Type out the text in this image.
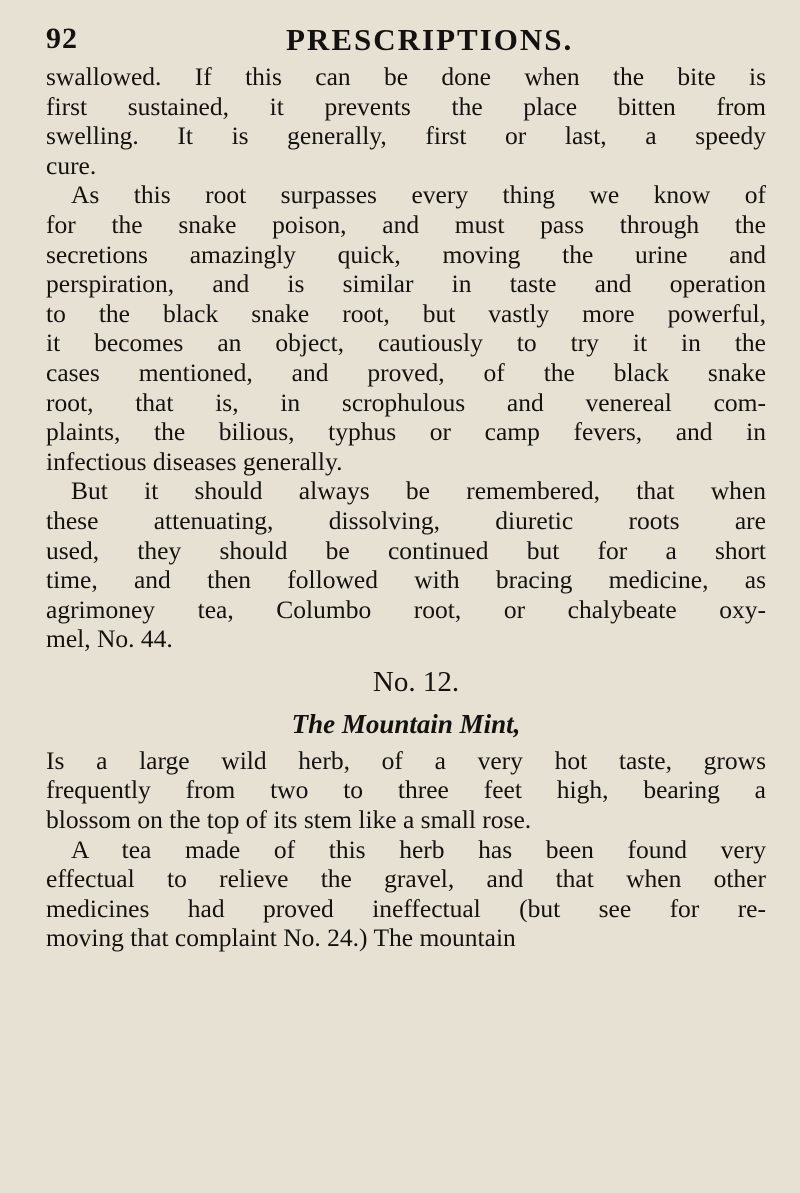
92	PRESCRIPTIONS.
swallowed. If this can be done when the bite is
first sustained, it prevents the place bitten from
swelling. It is generally, first or last, a speedy
cure.
As this root surpasses every thing we know of
for the snake poison, and must pass through the
secretions amazingly quick, moving the urine and
perspiration, and is similar in taste and operation
to the black snake root, but vastly more powerful,
it becomes an object, cautiously to try it in the
cases mentioned, and proved, of the black snake
root, that is, in scrophulous and venereal com-
plaints, the bilious, typhus or camp fevers, and in
infectious diseases generally.
But it should always be remembered, that when
these attenuating, dissolving, diuretic roots are
used, they should be continued but for a short
time, and then followed with bracing medicine, as
agrimoney tea, Columbo root, or chalybeate oxy-
mel, No. 44.
No. 12.
The Mountain Mint,
Is a large wild herb, of a very hot taste, grows
frequently from two to three feet high, bearing a
blossom on the top of its stem like a small rose.
A tea made of this herb has been found very
effectual to relieve the gravel, and that when other
medicines had proved ineffectual (but see for re-
moving that complaint No. 24.) The mountain
